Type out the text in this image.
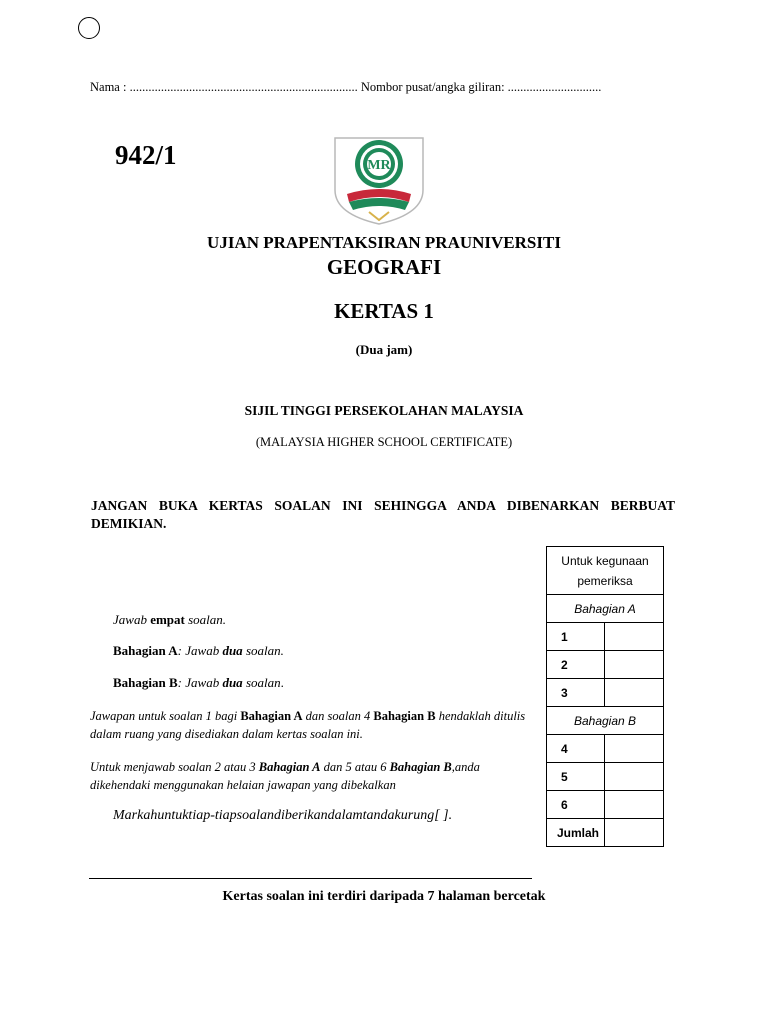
Nama : ......................................................................... Nombor pusat/angka giliran: ..............................
942/1	MR
UJIAN PRAPENTAKSIRAN PRAUNIVERSITI
GEOGRAFI
KERTAS 1
(Dua jam)
SIJIL TINGGI PERSEKOLAHAN MALAYSIA
(MALAYSIA HIGHER SCHOOL CERTIFICATE)
JANGAN BUKA KERTAS SOALAN INI SEHINGGA ANDA DIBENARKAN BERBUAT DEMIKIAN.
Jawab empat soalan.
Bahagian A: Jawab dua soalan.
Bahagian B: Jawab dua soalan.
Jawapan untuk soalan 1 bagi Bahagian A dan soalan 4 Bahagian B hendaklah ditulis dalam ruang yang disediakan dalam kertas soalan ini.
Untuk menjawab soalan 2 atau 3 Bahagian A dan 5 atau 6 Bahagian B,anda dikehendaki menggunakan helaian jawapan yang dibekalkan
Markahuntuktiap-tiapsoalandiberikandalamtandakurung[ ].
Untuk kegunaan pemeriksa	
Bahagian A	
1	
2	
3	
Bahagian B	
4	
5	
6	
Jumlah	
Kertas soalan ini terdiri daripada 7 halaman bercetak
